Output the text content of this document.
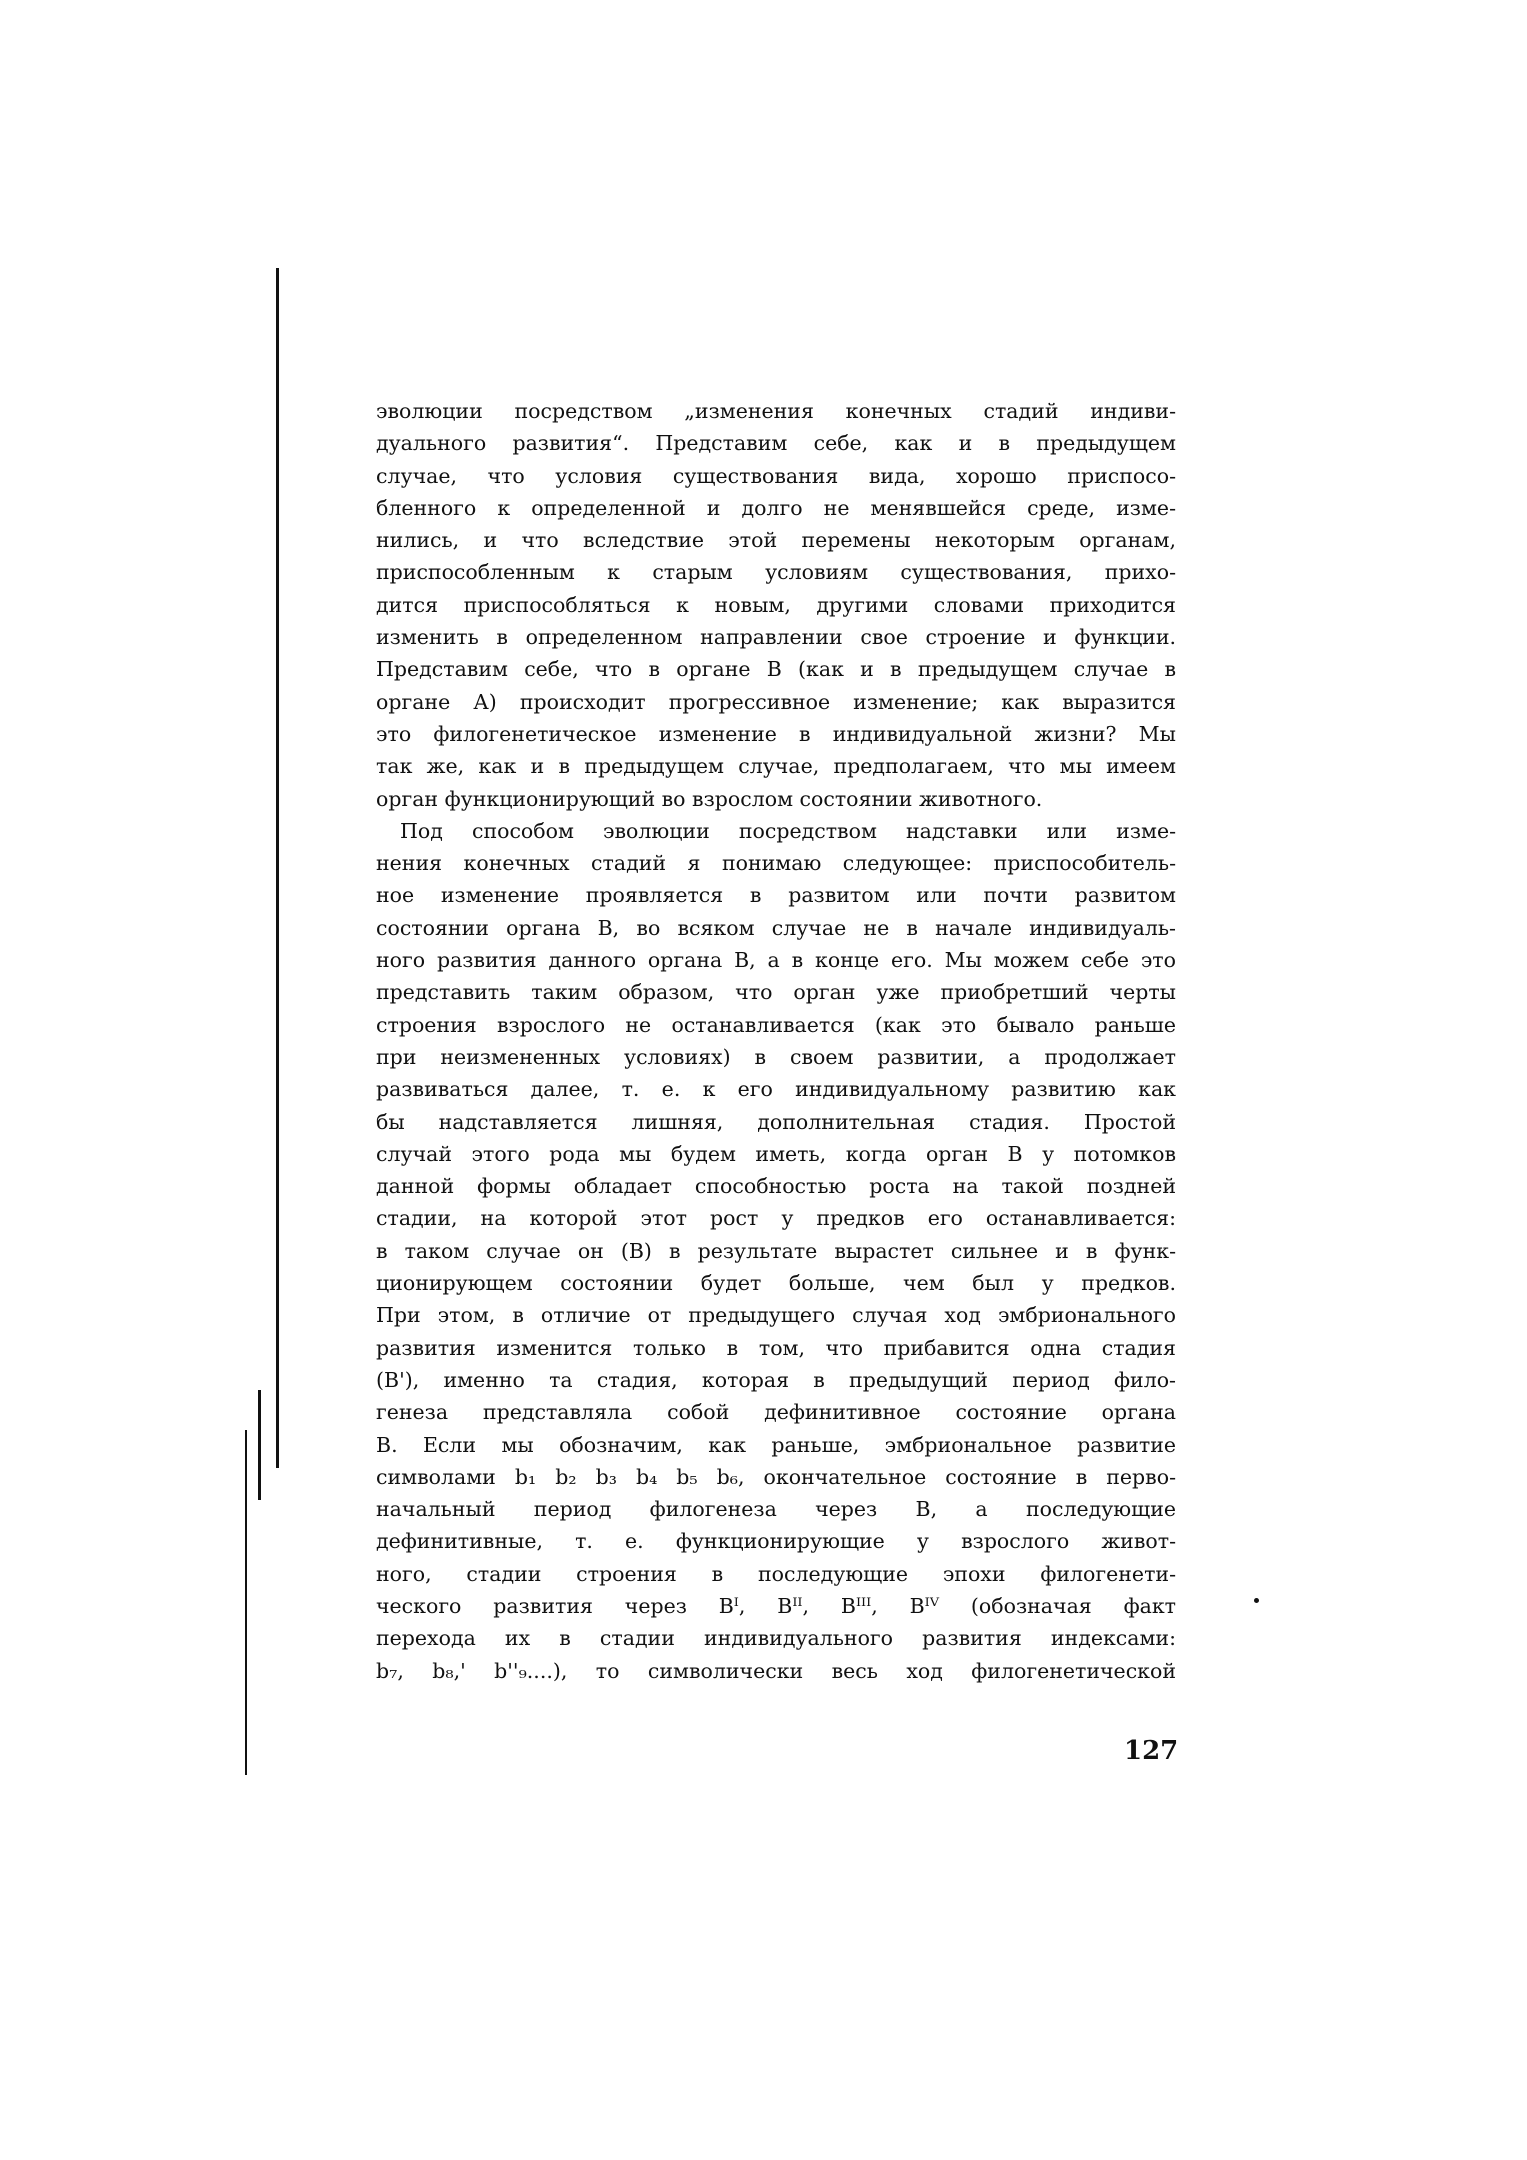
эволюции посредством „изменения конечных стадий индиви-
дуального развития“. Представим себе, как и в предыдущем
случае, что условия существования вида, хорошо приспосо-
бленного к определенной и долго не менявшейся среде, изме-
нились, и что вследствие этой перемены некоторым органам,
приспособленным к старым условиям существования, прихо-
дится приспособляться к новым, другими словами приходится
изменить в определенном направлении свое строение и функции.
Представим себе, что в органе В (как и в предыдущем случае в
органе А) происходит прогрессивное изменение; как выразится
это филогенетическое изменение в индивидуальной жизни? Мы
так же, как и в предыдущем случае, предполагаем, что мы имеем
орган функционирующий во взрослом состоянии животного.
Под способом эволюции посредством надставки или изме-
нения конечных стадий я понимаю следующее: приспособитель-
ное изменение проявляется в развитом или почти развитом
состоянии органа В, во всяком случае не в начале индивидуаль-
ного развития данного органа В, а в конце его. Мы можем себе это
представить таким образом, что орган уже приобретший черты
строения взрослого не останавливается (как это бывало раньше
при неизмененных условиях) в своем развитии, а продолжает
развиваться далее, т. е. к его индивидуальному развитию как
бы надставляется лишняя, дополнительная стадия. Простой
случай этого рода мы будем иметь, когда орган В у потомков
данной формы обладает способностью роста на такой поздней
стадии, на которой этот рост у предков его останавливается:
в таком случае он (В) в результате вырастет сильнее и в функ-
ционирующем состоянии будет больше, чем был у предков.
При этом, в отличие от предыдущего случая ход эмбрионального
развития изменится только в том, что прибавится одна стадия
(В'), именно та стадия, которая в предыдущий период фило-
генеза представляла собой дефинитивное состояние органа
В. Если мы обозначим, как раньше, эмбриональное развитие
символами b₁ b₂ b₃ b₄ b₅ b₆, окончательное состояние в перво-
начальный период филогенеза через В, а последующие
дефинитивные, т. е. функционирующие у взрослого живот-
ного, стадии строения в последующие эпохи филогенети-
ческого развития через Bᴵ, Bᴵᴵ, Bᴵᴵᴵ, Bᴵⱽ (обозначая факт
перехода их в стадии индивидуального развития индексами:
b₇, b₈,' b''₉....), то символически весь ход филогенетической
127
